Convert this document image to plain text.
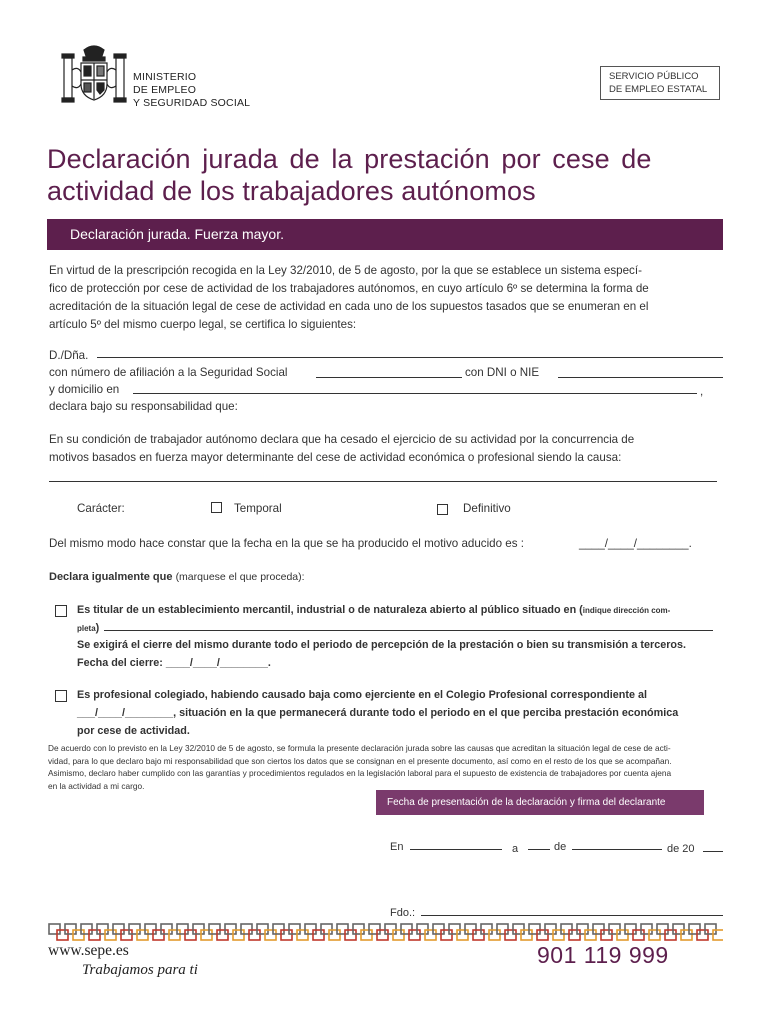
MINISTERIO
DE EMPLEO
Y SEGURIDAD SOCIAL
SERVICIO PÚBLICO
DE EMPLEO ESTATAL
Declaración jurada de la prestación por cese de
actividad de los trabajadores autónomos
Declaración jurada. Fuerza mayor.
En virtud de la prescripción recogida en la Ley 32/2010, de 5 de agosto, por la que se establece un sistema especí-
fico de protección por cese de actividad de los trabajadores autónomos, en cuyo artículo 6º se determina la forma de
acreditación de la situación legal de cese de actividad en cada uno de los supuestos tasados que se enumeran en el
artículo 5º del mismo cuerpo legal, se certifica lo siguientes:
D./Dña.
con número de afiliación a la Seguridad Social	con DNI o NIE
y domicilio en	,
declara bajo su responsabilidad que:
En su condición de trabajador autónomo declara que ha cesado el ejercicio de su actividad por la concurrencia de
motivos basados en fuerza mayor determinante del cese de actividad económica o profesional siendo la causa:
Carácter:	Temporal	Definitivo
Del mismo modo hace constar que la fecha en la que se ha producido el motivo aducido es :	____/____/________.
Declara igualmente que (marquese el que proceda):
Es titular de un establecimiento mercantil, industrial o de naturaleza abierto al público situado en (indique dirección com-
pleta)
Se exigirá el cierre del mismo durante todo el periodo de percepción de la prestación o bien su transmisión a terceros.
Fecha del cierre: ____/____/________.
Es profesional colegiado, habiendo causado baja como ejerciente en el Colegio Profesional correspondiente al
___/____/________, situación en la que permanecerá durante todo el periodo en el que perciba prestación económica
por cese de actividad.
De acuerdo con lo previsto en la Ley 32/2010 de 5 de agosto, se formula la presente declaración jurada sobre las causas que acreditan la situación legal de cese de acti-
vidad, para lo que declaro bajo mi responsabilidad que son ciertos los datos que se consignan en el presente documento, así como en el resto de los que se acompañan.
Asimismo, declaro haber cumplido con las garantías y procedimientos regulados en la legislación laboral para el supuesto de existencia de trabajadores por cuenta ajena
en la actividad a mi cargo.
Fecha de presentación de la declaración y firma del declarante
En	a	de	de 20
Fdo.:
www.sepe.es
Trabajamos para ti
901 119 999
